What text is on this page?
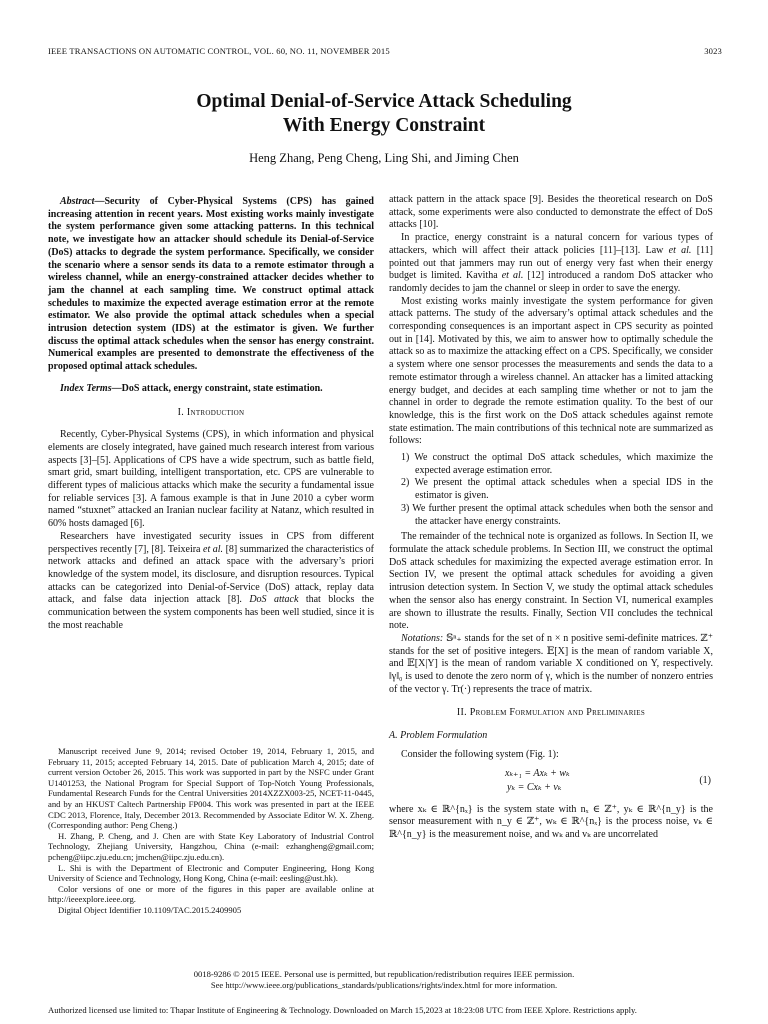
IEEE TRANSACTIONS ON AUTOMATIC CONTROL, VOL. 60, NO. 11, NOVEMBER 2015	3023
Optimal Denial-of-Service Attack Scheduling
With Energy Constraint
Heng Zhang, Peng Cheng, Ling Shi, and Jiming Chen

Abstract—Security of Cyber-Physical Systems (CPS) has gained increasing attention in recent years. Most existing works mainly investigate the system performance given some attacking patterns. In this technical note, we investigate how an attacker should schedule its Denial-of-Service (DoS) attacks to degrade the system performance. Specifically, we consider the scenario where a sensor sends its data to a remote estimator through a wireless channel, while an energy-constrained attacker decides whether to jam the channel at each sampling time. We construct optimal attack schedules to maximize the expected average estimation error at the remote estimator. We also provide the optimal attack schedules when a special intrusion detection system (IDS) at the estimator is given. We further discuss the optimal attack schedules when the sensor has energy constraint. Numerical examples are presented to demonstrate the effectiveness of the proposed optimal attack schedules.

Index Terms—DoS attack, energy constraint, state estimation.

I. Introduction

Recently, Cyber-Physical Systems (CPS), in which information and physical elements are closely integrated, have gained much research interest from various aspects [3]–[5]. Applications of CPS have a wide spectrum, such as battle field, smart grid, smart building, intelligent transportation, etc. CPS are vulnerable to different types of malicious attacks which make the security a fundamental issue for reliable services [3]. A famous example is that in June 2010 a cyber worm named “stuxnet” attacked an Iranian nuclear facility at Natanz, which resulted in 60% hosts damaged [6].

Researchers have investigated security issues in CPS from different perspectives recently [7], [8]. Teixeira et al. [8] summarized the characteristics of network attacks and defined an attack space with the adversary’s priori knowledge of the system model, its disclosure, and disruption resources. Typical attacks can be categorized into Denial-of-Service (DoS) attack, replay data attack, and false data injection attack [8]. DoS attack that blocks the communication between the system components has been well studied, since it is the most reachable

Manuscript received June 9, 2014; revised October 19, 2014, February 1, 2015, and February 11, 2015; accepted February 14, 2015. Date of publication March 4, 2015; date of current version October 26, 2015. This work was supported in part by the NSFC under Grant U1401253, the National Program for Special Support of Top-Notch Young Professionals, Fundamental Research Funds for the Central Universities 2014XZZX003-25, NCET-11-0445, and by an HKUST Caltech Partnership FP004. This work was presented in part at the IEEE CDC 2013, Florence, Italy, December 2013. Recommended by Associate Editor W. X. Zheng. (Corresponding author: Peng Cheng.)

H. Zhang, P. Cheng, and J. Chen are with State Key Laboratory of Industrial Control Technology, Zhejiang University, Hangzhou, China (e-mail: ezhangheng@gmail.com; pcheng@iipc.zju.edu.cn; jmchen@iipc.zju.edu.cn).

L. Shi is with the Department of Electronic and Computer Engineering, Hong Kong University of Science and Technology, Hong Kong, China (e-mail: eesling@ust.hk).

Color versions of one or more of the figures in this paper are available online at http://ieeexplore.ieee.org.

Digital Object Identifier 10.1109/TAC.2015.2409905

attack pattern in the attack space [9]. Besides the theoretical research on DoS attack, some experiments were also conducted to demonstrate the effect of DoS attacks [10].

In practice, energy constraint is a natural concern for various types of attackers, which will affect their attack policies [11]–[13]. Law et al. [11] pointed out that jammers may run out of energy very fast when their energy budget is limited. Kavitha et al. [12] introduced a random DoS attacker who randomly decides to jam the channel or sleep in order to save the energy.

Most existing works mainly investigate the system performance for given attack patterns. The study of the adversary’s optimal attack schedules and the corresponding consequences is an important aspect in CPS security as pointed out in [14]. Motivated by this, we aim to answer how to optimally schedule the attack so as to maximize the attacking effect on a CPS. Specifically, we consider a system where one sensor processes the measurements and sends the data to a remote estimator through a wireless channel. An attacker has a limited attacking energy budget, and decides at each sampling time whether or not to jam the channel in order to degrade the remote estimation quality. To the best of our knowledge, this is the first work on the DoS attack schedules against remote state estimation. The main contributions of this technical note are summarized as follows:

1) We construct the optimal DoS attack schedules, which maximize the expected average estimation error.
2) We present the optimal attack schedules when a special IDS in the estimator is given.
3) We further present the optimal attack schedules when both the sensor and the attacker have energy constraints.

The remainder of the technical note is organized as follows. In Section II, we formulate the attack schedule problems. In Section III, we construct the optimal DoS attack schedules for maximizing the expected average estimation error. In Section IV, we present the optimal attack schedules for avoiding a given intrusion detection system. In Section V, we study the optimal attack schedules when the sensor also has energy constraint. In Section VI, numerical examples are shown to illustrate the results. Finally, Section VII concludes the technical note.

Notations: 𝕊ⁿ₊ stands for the set of n × n positive semi-definite matrices. ℤ⁺ stands for the set of positive integers. 𝔼[X] is the mean of random variable X, and 𝔼[X|Y] is the mean of random variable X conditioned on Y, respectively. ‖γ‖₀ is used to denote the zero norm of γ, which is the number of nonzero entries of the vector γ. Tr(·) represents the trace of matrix.

II. Problem Formulation and Preliminaries

A. Problem Formulation

Consider the following system (Fig. 1):

xₖ₊₁ = Axₖ + wₖ
yₖ = Cxₖ + vₖ
(1)

where xₖ ∈ ℝ^{nₓ} is the system state with nₓ ∈ ℤ⁺, yₖ ∈ ℝ^{n_y} is the sensor measurement with n_y ∈ ℤ⁺, wₖ ∈ ℝ^{nₓ} is the process noise, vₖ ∈ ℝ^{n_y} is the measurement noise, and wₖ and vₖ are uncorrelated

0018-9286 © 2015 IEEE. Personal use is permitted, but republication/redistribution requires IEEE permission.
See http://www.ieee.org/publications_standards/publications/rights/index.html for more information.
Authorized licensed use limited to: Thapar Institute of Engineering & Technology. Downloaded on March 15,2023 at 18:23:08 UTC from IEEE Xplore. Restrictions apply.
